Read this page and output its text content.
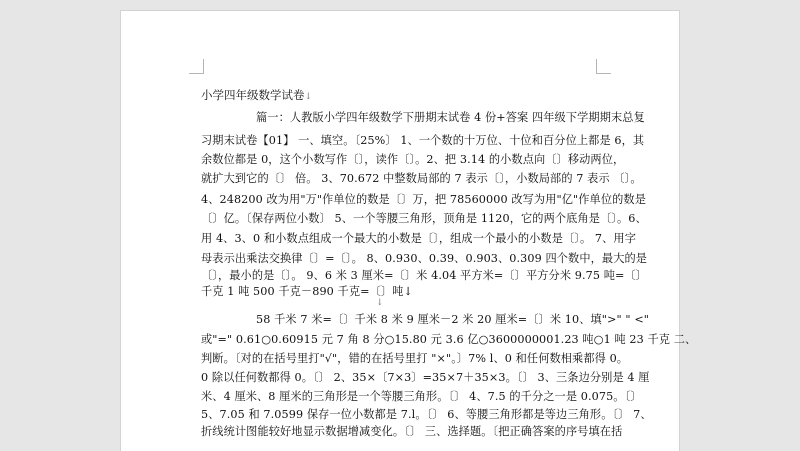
小学四年级数学试卷↓
篇一：人教版小学四年级数学下册期末试卷 4 份+答案 四年级下学期期末总复
习期末试卷【01】 一、填空。〔25%〕 1、一个数的十万位、十位和百分位上都是 6，其
余数位都是 0，这个小数写作〔〕，读作〔〕。2、把 3.14 的小数点向〔〕移动两位，
就扩大到它的〔〕 倍。 3、70.672 中整数局部的 7 表示〔〕，小数局部的 7 表示 〔〕。
4、248200 改为用"万"作单位的数是〔〕万，把 78560000 改写为用"亿"作单位的数是
〔〕亿。〔保存两位小数〕 5、一个等腰三角形，顶角是 1120，它的两个底角是〔〕。6、
用 4、3、0 和小数点组成一个最大的小数是〔〕，组成一个最小的小数是〔〕。 7、用字
母表示出乘法交换律〔〕=〔〕。 8、0.930、0.39、0.903、0.309 四个数中，最大的是
〔〕，最小的是〔〕。 9、6 米 3 厘米=〔〕米 4.04 平方米=〔〕平方分米 9.75 吨=〔〕
千克 1 吨 500 千克－890 千克=〔〕吨↓
↓
58 千米 7 米=〔〕千米 8 米 9 厘米－2 米 20 厘米=〔〕米 10、填">" " <"
或"=" 0.61○0.60915 元 7 角 8 分○15.80 元 3.6 亿○3600000001.23 吨○1 吨 23 千克 二、
判断。〔对的在括号里打"√"，错的在括号里打 "×"。〕7% l、0 和任何数相乘都得 0。
0 除以任何数都得 0。〔〕 2、35×〔7×3〕=35×7＋35×3。〔〕 3、三条边分别是 4 厘
米、4 厘米、8 厘米的三角形是一个等腰三角形。〔〕 4、7.5 的千分之一是 0.075。〔〕
5、7.05 和 7.0599 保存一位小数都是 7.l。〔〕 6、等腰三角形都是等边三角形。〔〕 7、
折线统计图能较好地显示数据增减变化。〔〕 三、选择题。〔把正确答案的序号填在括
